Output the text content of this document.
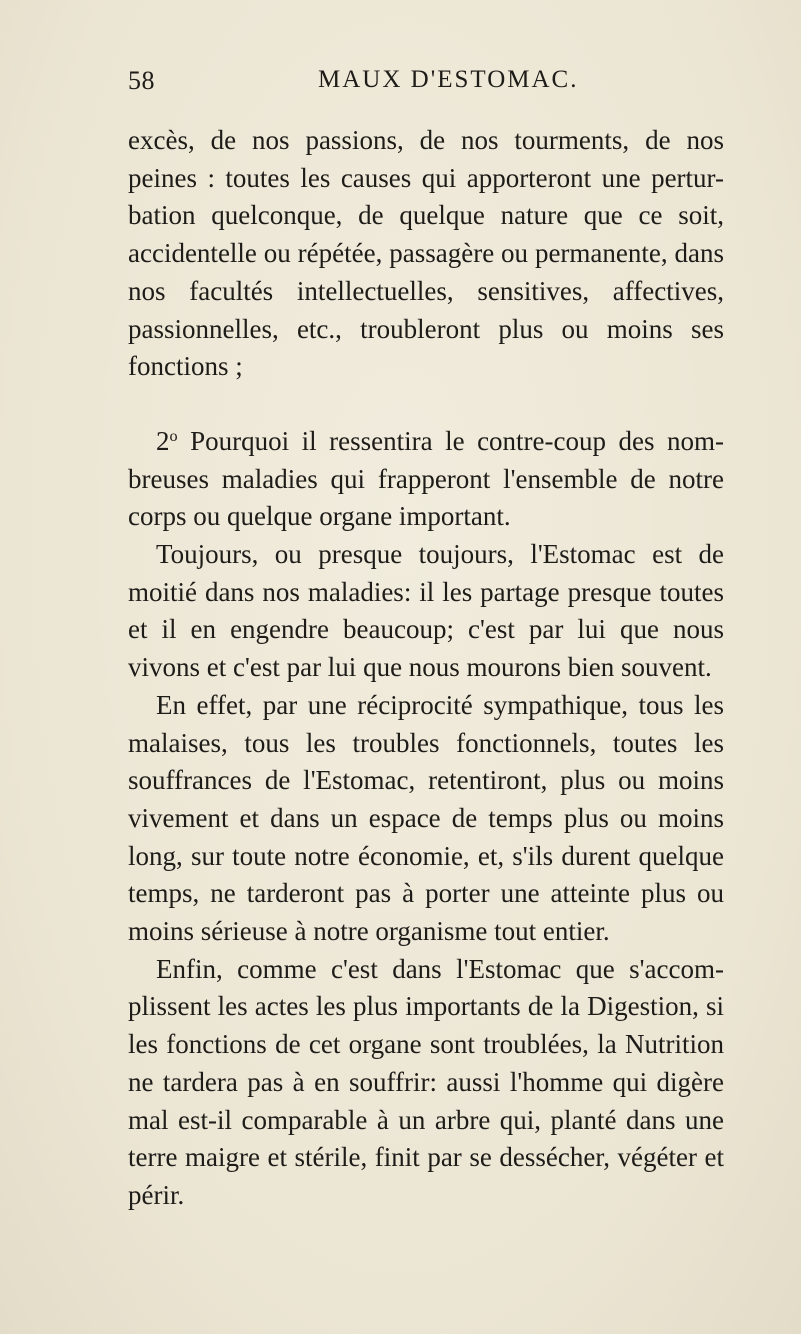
58	MAUX D'ESTOMAC.

excès, de nos passions, de nos tourments, de nos peines : toutes les causes qui apporteront une pertur-bation quelconque, de quelque nature que ce soit, accidentelle ou répétée, passagère ou permanente, dans nos facultés intellectuelles, sensitives, affectives, passionnelles, etc., troubleront plus ou moins ses fonctions ;

2$^o$ Pourquoi il ressentira le contre-coup des nom-breuses maladies qui frapperont l'ensemble de notre corps ou quelque organe important.

Toujours, ou presque toujours, l'Estomac est de moitié dans nos maladies: il les partage presque toutes et il en engendre beaucoup; c'est par lui que nous vivons et c'est par lui que nous mourons bien souvent.

En effet, par une réciprocité sympathique, tous les malaises, tous les troubles fonctionnels, toutes les souffrances de l'Estomac, retentiront, plus ou moins vivement et dans un espace de temps plus ou moins long, sur toute notre économie, et, s'ils durent quelque temps, ne tarderont pas à porter une atteinte plus ou moins sérieuse à notre organisme tout entier.

Enfin, comme c'est dans l'Estomac que s'accom-plissent les actes les plus importants de la Digestion, si les fonctions de cet organe sont troublées, la Nutrition ne tardera pas à en souffrir: aussi l'homme qui digère mal est-il comparable à un arbre qui, planté dans une terre maigre et stérile, finit par se dessécher, végéter et périr.
